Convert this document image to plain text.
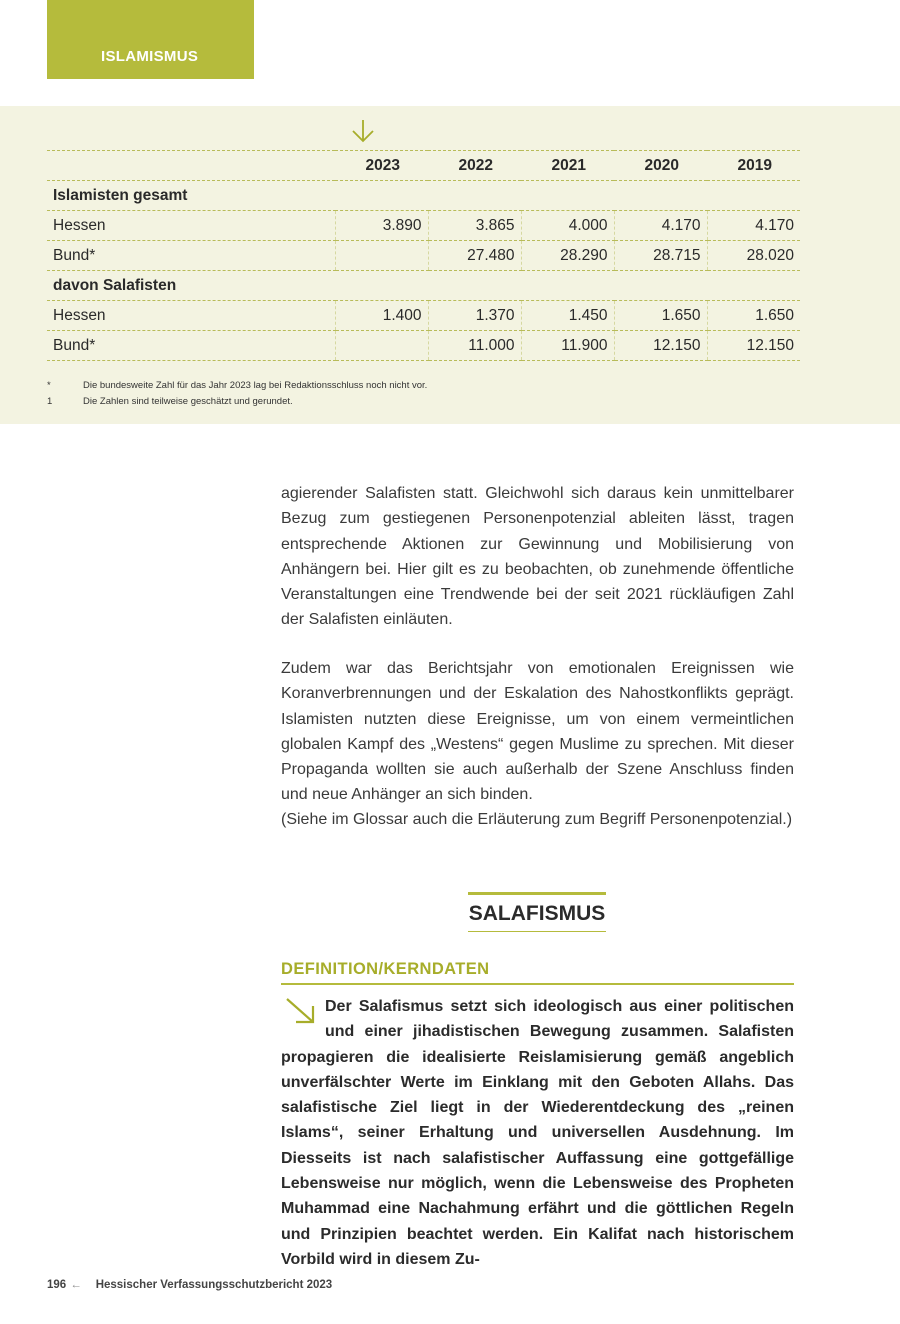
ISLAMISMUS
	2023	2022	2021	2020	2019
Islamisten gesamt					
Hessen	3.890	3.865	4.000	4.170	4.170
Bund*		27.480	28.290	28.715	28.020
davon Salafisten					
Hessen	1.400	1.370	1.450	1.650	1.650
Bund*		11.000	11.900	12.150	12.150
*	Die bundesweite Zahl für das Jahr 2023 lag bei Redaktionsschluss noch nicht vor.
1	Die Zahlen sind teilweise geschätzt und gerundet.

agierender Salafisten statt. Gleichwohl sich daraus kein unmittelbarer Bezug zum gestiegenen Personenpotenzial ableiten lässt, tragen entsprechende Aktionen zur Gewinnung und Mobilisierung von Anhängern bei. Hier gilt es zu beobachten, ob zunehmende öffentliche Veranstaltungen eine Trendwende bei der seit 2021 rückläufigen Zahl der Salafisten einläuten.

Zudem war das Berichtsjahr von emotionalen Ereignissen wie Koranverbrennungen und der Eskalation des Nahostkonflikts geprägt. Islamisten nutzten diese Ereignisse, um von einem vermeintlichen globalen Kampf des „Westens“ gegen Muslime zu sprechen. Mit dieser Propaganda wollten sie auch außerhalb der Szene Anschluss finden und neue Anhänger an sich binden.

(Siehe im Glossar auch die Erläuterung zum Begriff Personenpotenzial.)

SALAFISMUS
DEFINITION/KERNDATEN

Der Salafismus setzt sich ideologisch aus einer politischen und einer jihadistischen Bewegung zusammen. Salafisten propagieren die idealisierte Reislamisierung gemäß angeblich unverfälschter Werte im Einklang mit den Geboten Allahs. Das salafistische Ziel liegt in der Wiederentdeckung des „reinen Islams“, seiner Erhaltung und universellen Ausdehnung. Im Diesseits ist nach salafistischer Auffassung eine gottgefällige Lebensweise nur möglich, wenn die Lebensweise des Propheten Muhammad eine Nachahmung erfährt und die göttlichen Regeln und Prinzipien beachtet werden. Ein Kalifat nach historischem Vorbild wird in diesem Zu-

196 ← Hessischer Verfassungsschutzbericht 2023
